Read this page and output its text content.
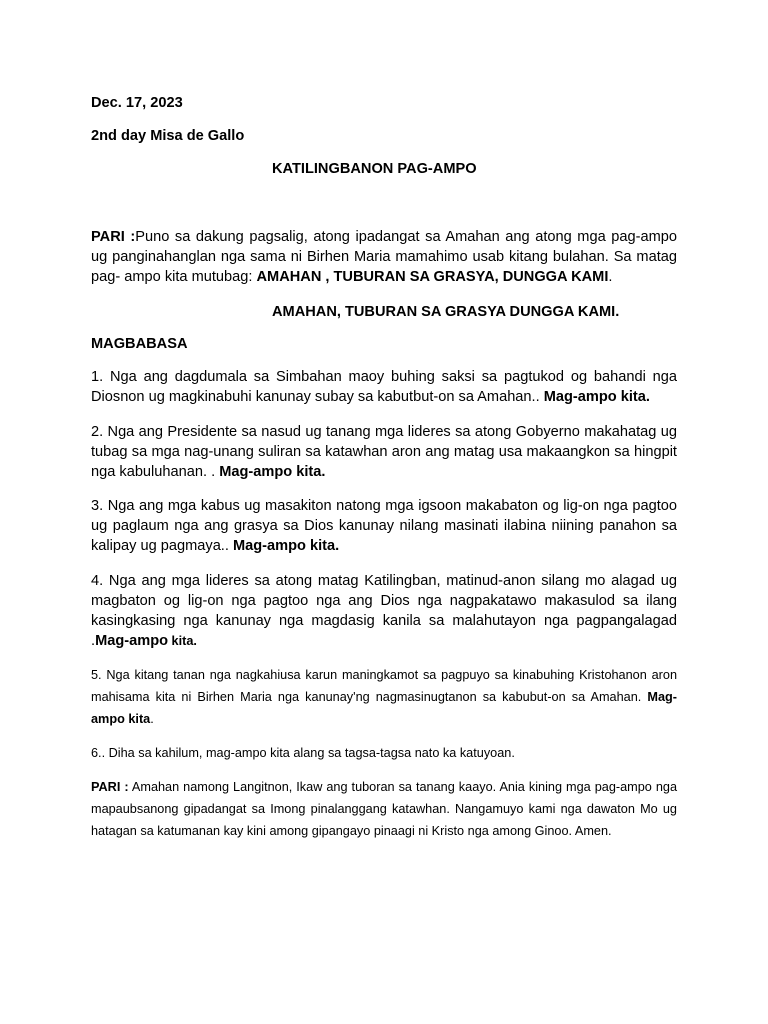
Dec. 17, 2023

2nd day Misa de Gallo

KATILINGBANON PAG-AMPO

PARI :Puno sa dakung pagsalig, atong ipadangat sa Amahan ang atong mga pag-ampo ug panginahanglan nga sama ni Birhen Maria mamahimo usab kitang bulahan. Sa matag pag- ampo kita mutubag: AMAHAN , TUBURAN SA GRASYA, DUNGGA KAMI.

AMAHAN, TUBURAN SA GRASYA DUNGGA KAMI.

MAGBABASA

1. Nga ang dagdumala sa Simbahan maoy buhing saksi sa pagtukod og bahandi nga Diosnon ug magkinabuhi kanunay subay sa kabutbut-on sa Amahan.. Mag-ampo kita.

2. Nga ang Presidente sa nasud ug tanang mga lideres sa atong Gobyerno makahatag ug tubag sa mga nag-unang suliran sa katawhan aron ang matag usa makaangkon sa hingpit nga kabuluhanan. . Mag-ampo kita.

3. Nga ang mga kabus ug masakiton natong mga igsoon makabaton og lig-on nga pagtoo ug paglaum nga ang grasya sa Dios kanunay nilang masinati ilabina niining panahon sa kalipay ug pagmaya.. Mag-ampo kita.

4. Nga ang mga lideres sa atong matag Katilingban, matinud-anon silang mo alagad ug magbaton og lig-on nga pagtoo nga ang Dios nga nagpakatawo makasulod sa ilang kasingkasing nga kanunay nga magdasig kanila sa malahutayon nga pagpangalagad .Mag-ampo kita.

5. Nga kitang tanan nga nagkahiusa karun maningkamot sa pagpuyo sa kinabuhing Kristohanon aron mahisama kita ni Birhen Maria nga kanunay'ng nagmasinugtanon sa kabubut-on sa Amahan. Mag-ampo kita.

6.. Diha sa kahilum, mag-ampo kita alang sa tagsa-tagsa nato ka katuyoan.

PARI : Amahan namong Langitnon, Ikaw ang tuboran sa tanang kaayo. Ania kining mga pag-ampo nga mapaubsanong gipadangat sa Imong pinalanggang katawhan. Nangamuyo kami nga dawaton Mo ug hatagan sa katumanan kay kini among gipangayo pinaagi ni Kristo nga among Ginoo. Amen.
